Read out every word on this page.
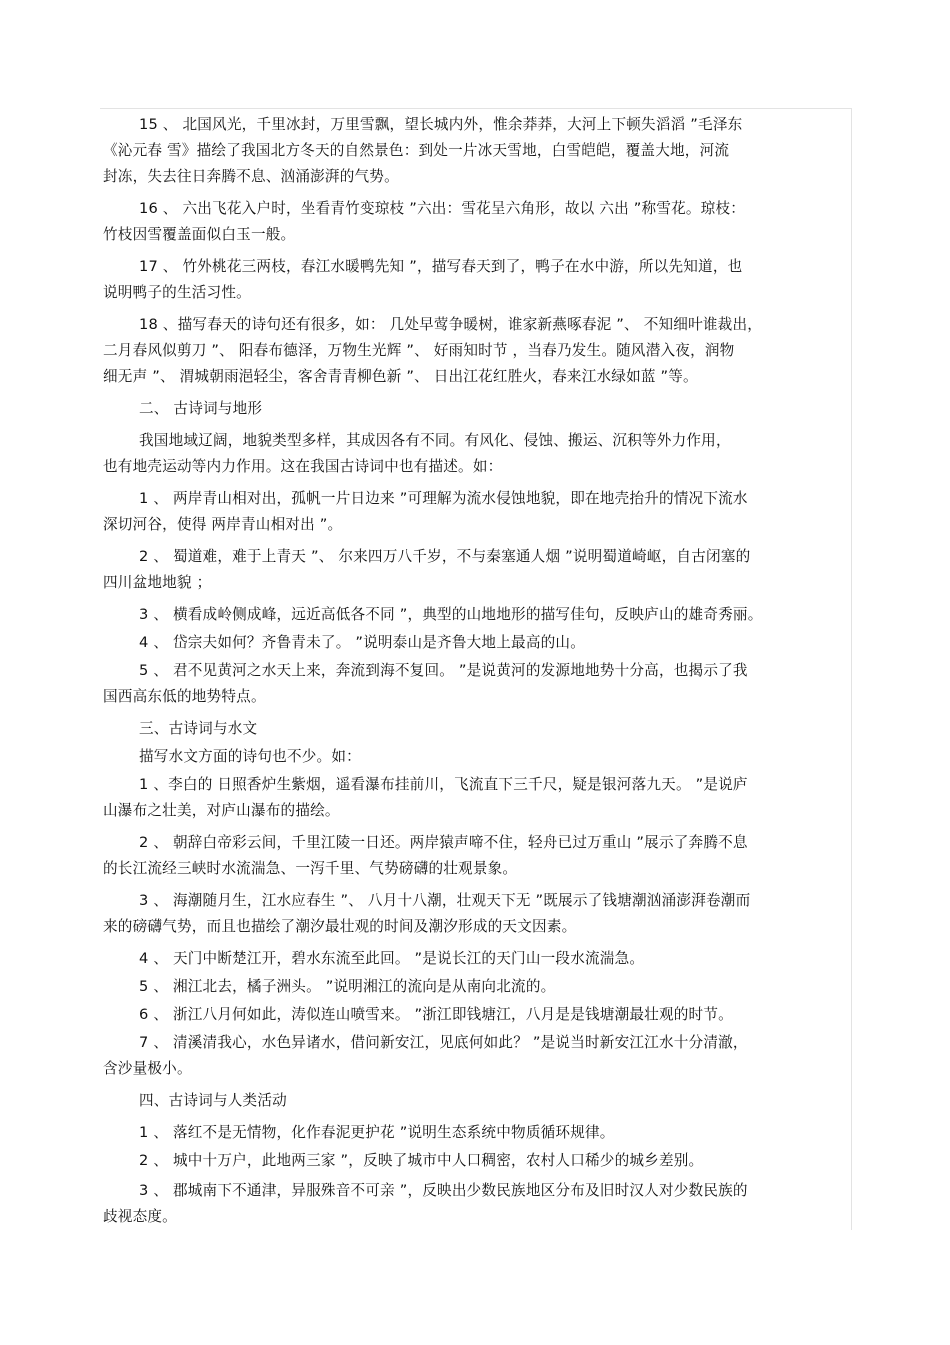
15 、 北国风光，千里冰封，万里雪飘，望长城内外，惟余莽莽，大河上下顿失滔滔 ”毛泽东
《沁元春 雪》描绘了我国北方冬天的自然景色：到处一片冰天雪地，白雪皑皑，覆盖大地，河流
封冻，失去往日奔腾不息、汹涌澎湃的气势。
16 、 六出飞花入户时，坐看青竹变琼枝 ”六出：雪花呈六角形，故以 六出 ”称雪花。琼枝：
竹枝因雪覆盖面似白玉一般。
17 、 竹外桃花三两枝，春江水暖鸭先知 ”，描写春天到了，鸭子在水中游，所以先知道，也
说明鸭子的生活习性。
18 、描写春天的诗句还有很多，如： 几处早莺争暖树，谁家新燕啄春泥 ”、 不知细叶谁裁出，
二月春风似剪刀 ”、 阳春布德泽，万物生光辉 ”、 好雨知时节 ，当春乃发生。随风潜入夜，润物
细无声 ”、 渭城朝雨浥轻尘，客舍青青柳色新 ”、 日出江花红胜火，春来江水绿如蓝 ”等。
二、 古诗词与地形
我国地域辽阔，地貌类型多样，其成因各有不同。有风化、侵蚀、搬运、沉积等外力作用，
也有地壳运动等内力作用。这在我国古诗词中也有描述。如：
1 、 两岸青山相对出，孤帆一片日边来 ”可理解为流水侵蚀地貌，即在地壳抬升的情况下流水
深切河谷，使得 两岸青山相对出 ”。
2 、 蜀道难，难于上青天 ”、 尔来四万八千岁，不与秦塞通人烟 ”说明蜀道崎岖，自古闭塞的
四川盆地地貌 ；
3 、 横看成岭侧成峰，远近高低各不同 ”，典型的山地地形的描写佳句，反映庐山的雄奇秀丽。
4 、 岱宗夫如何？齐鲁青未了。 ”说明泰山是齐鲁大地上最高的山。
5 、 君不见黄河之水天上来，奔流到海不复回。 ”是说黄河的发源地地势十分高，也揭示了我
国西高东低的地势特点。
三、古诗词与水文
描写水文方面的诗句也不少。如：
1 、李白的 日照香炉生紫烟，遥看瀑布挂前川，飞流直下三千尺，疑是银河落九天。 ”是说庐
山瀑布之壮美，对庐山瀑布的描绘。
2 、 朝辞白帝彩云间，千里江陵一日还。两岸猿声啼不住，轻舟已过万重山 ”展示了奔腾不息
的长江流经三峡时水流湍急、一泻千里、气势磅礴的壮观景象。
3 、 海潮随月生，江水应春生 ”、 八月十八潮，壮观天下无 ”既展示了钱塘潮汹涌澎湃卷潮而
来的磅礴气势，而且也描绘了潮汐最壮观的时间及潮汐形成的天文因素。
4 、 天门中断楚江开，碧水东流至此回。 ”是说长江的天门山一段水流湍急。
5 、 湘江北去，橘子洲头。 ”说明湘江的流向是从南向北流的。
6 、 浙江八月何如此，涛似连山喷雪来。 ”浙江即钱塘江，八月是是钱塘潮最壮观的时节。
7 、 清溪清我心，水色异诸水，借问新安江，见底何如此？ ”是说当时新安江江水十分清澈，
含沙量极小。
四、古诗词与人类活动
1 、 落红不是无情物，化作春泥更护花 ”说明生态系统中物质循环规律。
2 、 城中十万户，此地两三家 ”，反映了城市中人口稠密，农村人口稀少的城乡差别。
3 、 郡城南下不通津，异服殊音不可亲 ”，反映出少数民族地区分布及旧时汉人对少数民族的
歧视态度。
